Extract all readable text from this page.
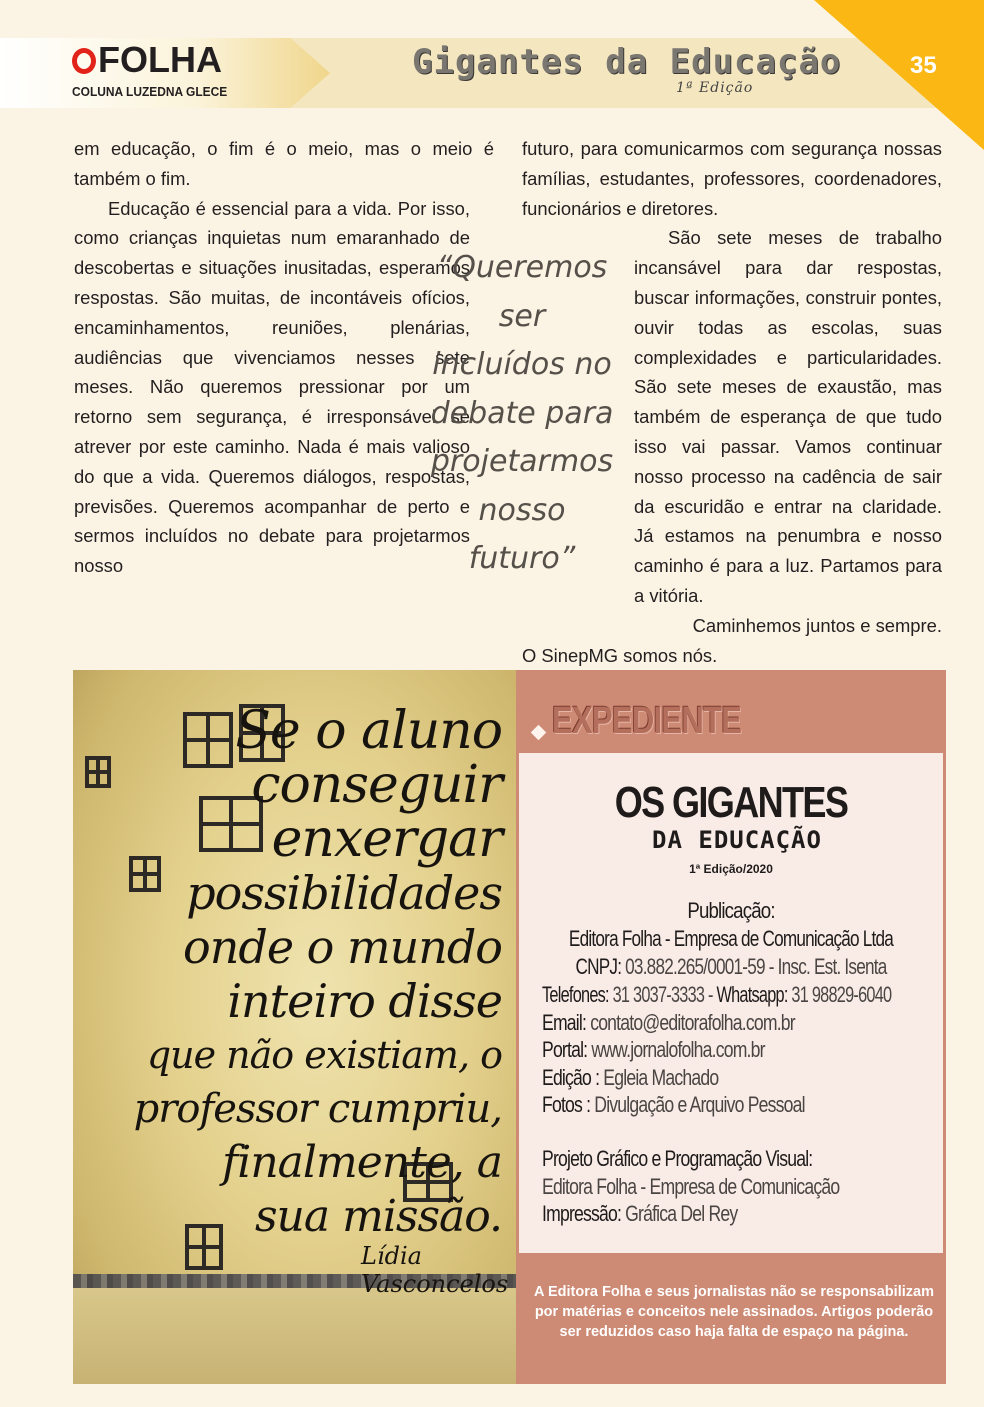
FOLHA
COLUNA LUZEDNA GLECE
Gigantes da Educação
1ª Edição
35

em educação, o fim é o meio, mas o meio é também o fim.

Educação é essencial para a vida. Por isso, como crianças inquietas num emaranhado de descobertas e situações inusitadas, esperamos respostas. São muitas, de incontáveis ofícios, encaminhamentos, reuniões, plenárias, audiências que vivenciamos nesses sete meses. Não queremos pressionar por um retorno sem segurança, é irresponsável se atrever por este caminho. Nada é mais valioso do que a vida. Queremos diálogos, respostas, previsões. Queremos acompanhar de perto e sermos incluídos no debate para projetarmos nosso

futuro, para comunicarmos com segurança nossas famílias, estudantes, professores, coordenadores, funcionários e diretores.

São sete meses de trabalho incansável para dar respostas, buscar informações, construir pontes, ouvir todas as escolas, suas complexidades e particularidades. São sete meses de exaustão, mas também de esperança de que tudo isso vai passar. Vamos continuar nosso processo na cadência de sair da escuridão e entrar na claridade. Já estamos na penumbra e nosso caminho é para a luz. Partamos para a vitória.

Caminhemos juntos e sempre.

O SinepMG somos nós.

“Queremos
ser
incluídos no
debate para
projetarmos
nosso
futuro”
Se o aluno
conseguir
enxergar
possibilidades
onde o mundo
inteiro disse
que não existiam, o
professor cumpriu,
finalmente, a
sua missão.
Lídia Vasconcelos
EXPEDIENTE
OS GIGANTES
DA EDUCAÇÃO
1ª Edição/2020
Publicação:
Editora Folha - Empresa de Comunicação Ltda
CNPJ: 03.882.265/0001-59 - Insc. Est. Isenta
Telefones: 31 3037-3333 - Whatsapp: 31 98829-6040
Email: contato@editorafolha.com.br
Portal: www.jornalofolha.com.br
Edição : Egleia Machado
Fotos : Divulgação e Arquivo Pessoal
Projeto Gráfico e Programação Visual:
Editora Folha - Empresa de Comunicação
Impressão: Gráfica Del Rey
A Editora Folha e seus jornalistas não se responsabilizam por matérias e conceitos nele assinados. Artigos poderão ser reduzidos caso haja falta de espaço na página.
